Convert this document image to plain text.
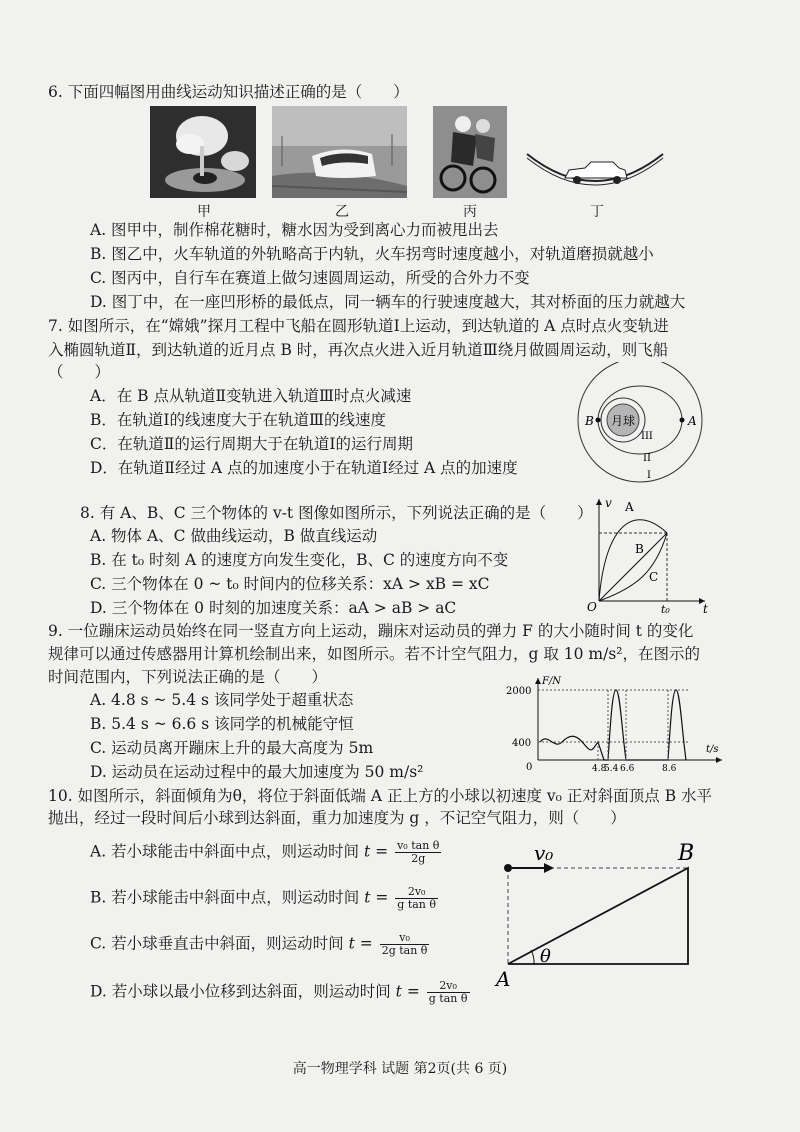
6. 下面四幅图用曲线运动知识描述正确的是（　　）
甲	乙	丙	丁
A. 图甲中，制作棉花糖时，糖水因为受到离心力而被甩出去
B. 图乙中，火车轨道的外轨略高于内轨，火车拐弯时速度越小，对轨道磨损就越小
C. 图丙中，自行车在赛道上做匀速圆周运动，所受的合外力不变
D. 图丁中，在一座凹形桥的最低点，同一辆车的行驶速度越大，其对桥面的压力就越大
7. 如图所示，在“嫦娥”探月工程中飞船在圆形轨道Ⅰ上运动，到达轨道的 A 点时点火变轨进
入椭圆轨道Ⅱ，到达轨道的近月点 B 时，再次点火进入近月轨道Ⅲ绕月做圆周运动，则飞船
（　　）
A．在 B 点从轨道Ⅱ变轨进入轨道Ⅲ时点火减速
B．在轨道Ⅰ的线速度大于在轨道Ⅲ的线速度
C．在轨道Ⅱ的运行周期大于在轨道Ⅰ的运行周期
D．在轨道Ⅱ经过 A 点的加速度小于在轨道Ⅰ经过 A 点的加速度
月球
B	A
III
II
I
8. 有 A、B、C 三个物体的 v-t 图像如图所示，下列说法正确的是（　　）
A. 物体 A、C 做曲线运动，B 做直线运动
B. 在 t₀ 时刻 A 的速度方向发生变化，B、C 的速度方向不变
C. 三个物体在 0 ~ t₀ 时间内的位移关系：xA > xB = xC
D. 三个物体在 0 时刻的加速度关系：aA > aB > aC
v
t
O	t₀
A
B
C
9. 一位蹦床运动员始终在同一竖直方向上运动，蹦床对运动员的弹力 F 的大小随时间 t 的变化
规律可以通过传感器用计算机绘制出来，如图所示。若不计空气阻力，g 取 10 m/s²，在图示的
时间范围内，下列说法正确的是（　　）
A. 4.8 s ~ 5.4 s 该同学处于超重状态
B. 5.4 s ~ 6.6 s 该同学的机械能守恒
C. 运动员离开蹦床上升的最大高度为 5m
D. 运动员在运动过程中的最大加速度为 50 m/s²
F/N
t/s
0
2000
400
4.8
5.4 6.6	8.6
10. 如图所示，斜面倾角为θ，将位于斜面低端 A 正上方的小球以初速度 v₀ 正对斜面顶点 B 水平
抛出，经过一段时间后小球到达斜面，重力加速度为 g ，不记空气阻力，则（　　）
A. 若小球能击中斜面中点，则运动时间 $t = \frac{\text{v₀ tan θ}}{2g}$
B. 若小球能击中斜面中点，则运动时间 $t = \frac{\text{2v₀}}{\text{g tan θ}}$
C. 若小球垂直击中斜面，则运动时间 $t = \frac{\text{v₀}}{\text{2g tan θ}}$
D. 若小球以最小位移到达斜面，则运动时间 $t = \frac{\text{2v₀}}{\text{g tan θ}}$
v₀	B
A
θ
高一物理学科 试题 第2页(共 6 页)
